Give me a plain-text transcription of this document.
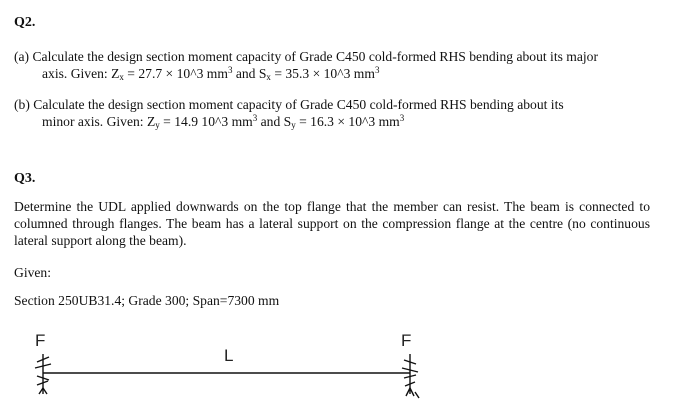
Q2.
(a) Calculate the design section moment capacity of Grade C450 cold-formed RHS bending about its major
axis. Given: $Z_x = 27.7$ × 10^3 $mm^3$ and $S_x = 35.3$ × 10^3 $mm^3$
(b) Calculate the design section moment capacity of Grade C450 cold-formed RHS bending about its
minor axis. Given: $Z_y = 14.9$ 10^3 $mm^3$ and $S_y = 16.3$ × 10^3 $mm^3$
Q3.
Determine the UDL applied downwards on the top flange that the member can resist. The beam is connected to columned through flanges. The beam has a lateral support on the compression flange at the centre (no continuous lateral support along the beam).
Given:
Section 250UB31.4; Grade 300; Span=7300 mm
F
L
F
